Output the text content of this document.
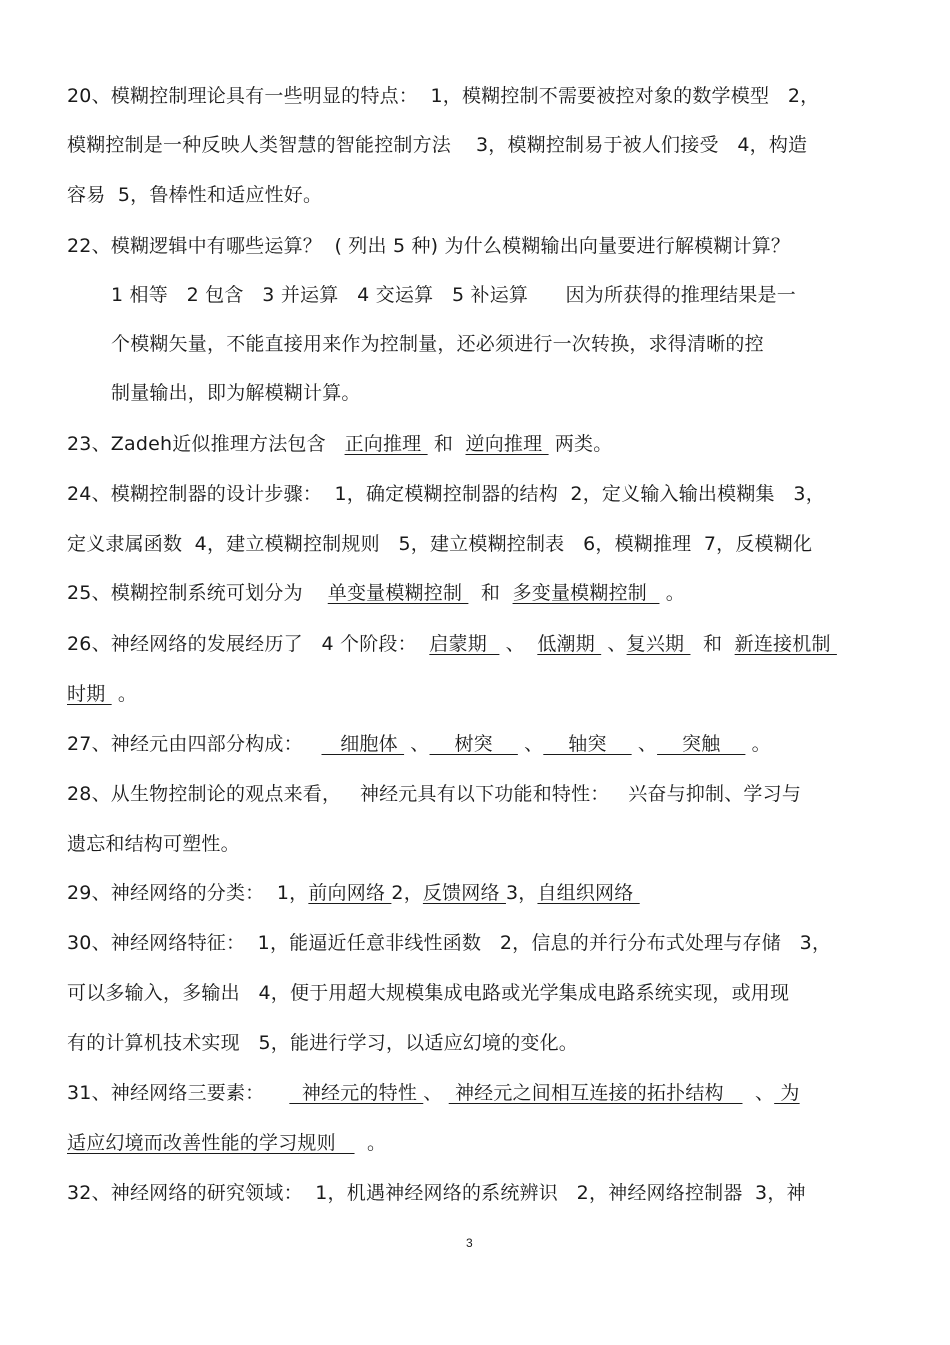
20、模糊控制理论具有一些明显的特点：  1，模糊控制不需要被控对象的数学模型   2，
模糊控制是一种反映人类智慧的智能控制方法    3，模糊控制易于被人们接受   4，构造
容易  5，鲁棒性和适应性好。
22、模糊逻辑中有哪些运算？  ( 列出 5 种) 为什么模糊输出向量要进行解模糊计算？
1 相等   2 包含   3 并运算   4 交运算   5 补运算      因为所获得的推理结果是一
个模糊矢量，不能直接用来作为控制量，还必须进行一次转换，求得清晰的控
制量输出，即为解模糊计算。
23、Zadeh近似推理方法包含   正向推理  和  逆向推理  两类。
24、模糊控制器的设计步骤：  1，确定模糊控制器的结构  2，定义输入输出模糊集   3，
定义隶属函数  4，建立模糊控制规则   5，建立模糊控制表   6，模糊推理  7，反模糊化
25、模糊控制系统可划分为    单变量模糊控制   和  多变量模糊控制   。
26、神经网络的发展经历了   4 个阶段：  启蒙期   、  低潮期  、复兴期   和  新连接机制
时期  。
27、神经元由四部分构成：      细胞体  、    树突     、    轴突     、    突触     。
28、从生物控制论的观点来看，   神经元具有以下功能和特性：   兴奋与抑制、学习与
遗忘和结构可塑性。
29、神经网络的分类：  1，前向网络 2，反馈网络 3，自组织网络
30、神经网络特征：  1，能逼近任意非线性函数   2，信息的并行分布式处理与存储   3，
可以多输入，多输出   4，便于用超大规模集成电路或光学集成电路系统实现，或用现
有的计算机技术实现   5，能进行学习，以适应幻境的变化。
31、神经网络三要素：      神经元的特性 、  神经元之间相互连接的拓扑结构     、 为
适应幻境而改善性能的学习规则     。
32、神经网络的研究领域：  1，机遇神经网络的系统辨识   2，神经网络控制器  3，神
3
